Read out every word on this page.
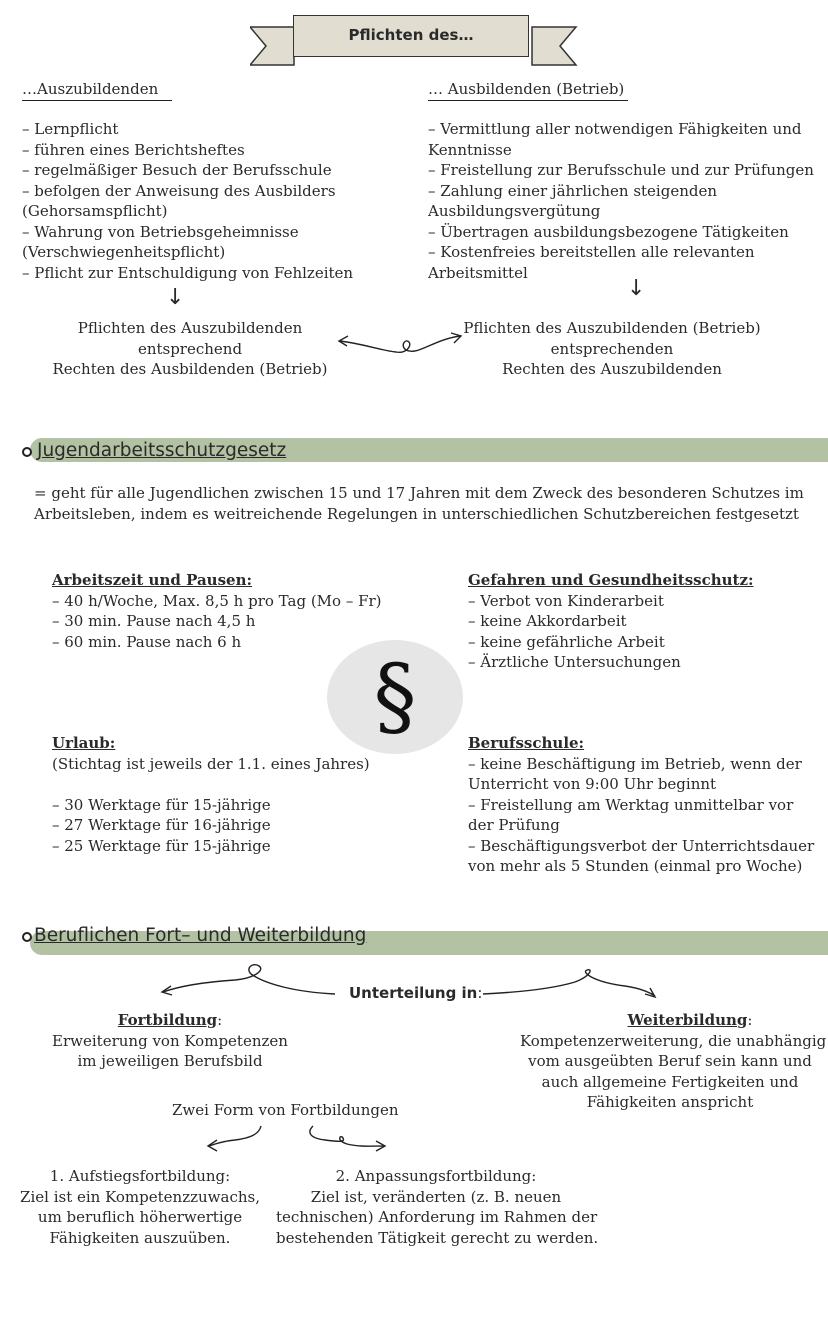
Pflichten des…
…Auszubildenden
– Lernpflicht
– führen eines Berichtsheftes
– regelmäßiger Besuch der Berufsschule
– befolgen der Anweisung des Ausbilders
(Gehorsamspflicht)
– Wahrung von Betriebsgeheimnisse
(Verschwiegenheitspflicht)
– Pflicht zur Entschuldigung von Fehlzeiten
↓
Pflichten des Auszubildenden
entsprechend
Rechten des Ausbildenden (Betrieb)
… Ausbildenden (Betrieb)
– Vermittlung aller notwendigen Fähigkeiten und
Kenntnisse
– Freistellung zur Berufsschule und zur Prüfungen
– Zahlung einer jährlichen steigenden
Ausbildungsvergütung
– Übertragen ausbildungsbezogene Tätigkeiten
– Kostenfreies bereitstellen alle relevanten
Arbeitsmittel
↓
Pflichten des Auszubildenden (Betrieb)
entsprechenden
Rechten des Auszubildenden
Jugendarbeitsschutzgesetz
= geht für alle Jugendlichen zwischen 15 und 17 Jahren mit dem Zweck des besonderen Schutzes im
Arbeitsleben, indem es weitreichende Regelungen in unterschiedlichen Schutzbereichen festgesetzt
§
Arbeitszeit und Pausen:
– 40 h/Woche, Max. 8,5 h pro Tag (Mo – Fr)
– 30 min. Pause nach 4,5 h
– 60 min. Pause nach 6 h
Gefahren und Gesundheitsschutz:
– Verbot von Kinderarbeit
– keine Akkordarbeit
– keine gefährliche Arbeit
– Ärztliche Untersuchungen
Urlaub:
(Stichtag ist jeweils der 1.1. eines Jahres)
– 30 Werktage für 15-jährige
– 27 Werktage für 16-jährige
– 25 Werktage für 15-jährige
Berufsschule:
– keine Beschäftigung im Betrieb, wenn der
Unterricht von 9:00 Uhr beginnt
– Freistellung am Werktag unmittelbar vor
der Prüfung
– Beschäftigungsverbot der Unterrichtsdauer
von mehr als 5 Stunden (einmal pro Woche)
Beruflichen Fort– und Weiterbildung
Unterteilung in:
Fortbildung:
Erweiterung von Kompetenzen
im jeweiligen Berufsbild
Weiterbildung:
Kompetenzerweiterung, die unabhängig
vom ausgeübten Beruf sein kann und
auch allgemeine Fertigkeiten und
Fähigkeiten anspricht
Zwei Form von Fortbildungen
1. Aufstiegsfortbildung:
Ziel ist ein Kompetenzzuwachs,
um beruflich höherwertige
Fähigkeiten auszuüben.
2. Anpassungsfortbildung:
Ziel ist, veränderten (z. B. neuen
technischen) Anforderung im Rahmen der
bestehenden Tätigkeit gerecht zu werden.
